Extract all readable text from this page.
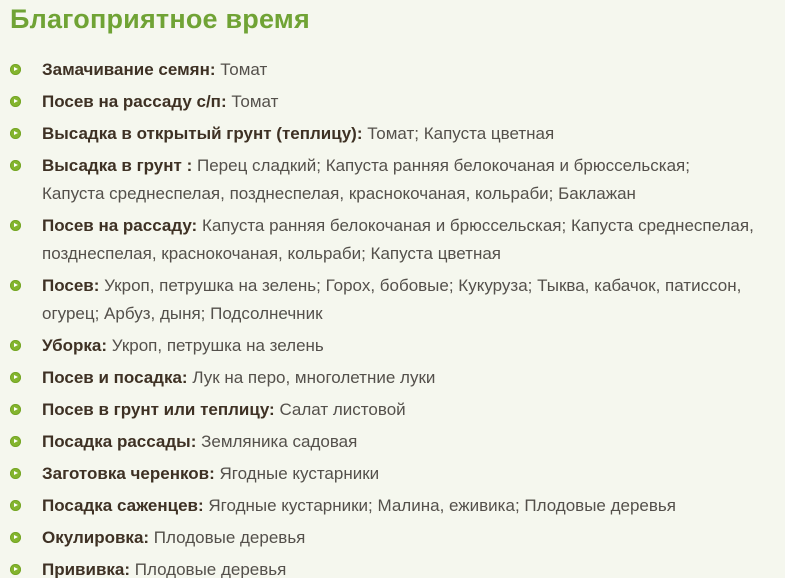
Благоприятное время
Замачивание семян: Томат
Посев на рассаду с/п: Томат
Высадка в открытый грунт (теплицу): Томат; Капуста цветная
Высадка в грунт : Перец сладкий; Капуста ранняя белокочаная и брюссельская; Капуста среднеспелая, позднеспелая, краснокочаная, кольраби; Баклажан
Посев на рассаду: Капуста ранняя белокочаная и брюссельская; Капуста среднеспелая, позднеспелая, краснокочаная, кольраби; Капуста цветная
Посев: Укроп, петрушка на зелень; Горох, бобовые; Кукуруза; Тыква, кабачок, патиссон, огурец; Арбуз, дыня; Подсолнечник
Уборка: Укроп, петрушка на зелень
Посев и посадка: Лук на перо, многолетние луки
Посев в грунт или теплицу: Салат листовой
Посадка рассады: Земляника садовая
Заготовка черенков: Ягодные кустарники
Посадка саженцев: Ягодные кустарники; Малина, еживика; Плодовые деревья
Окулировка: Плодовые деревья
Прививка: Плодовые деревья
